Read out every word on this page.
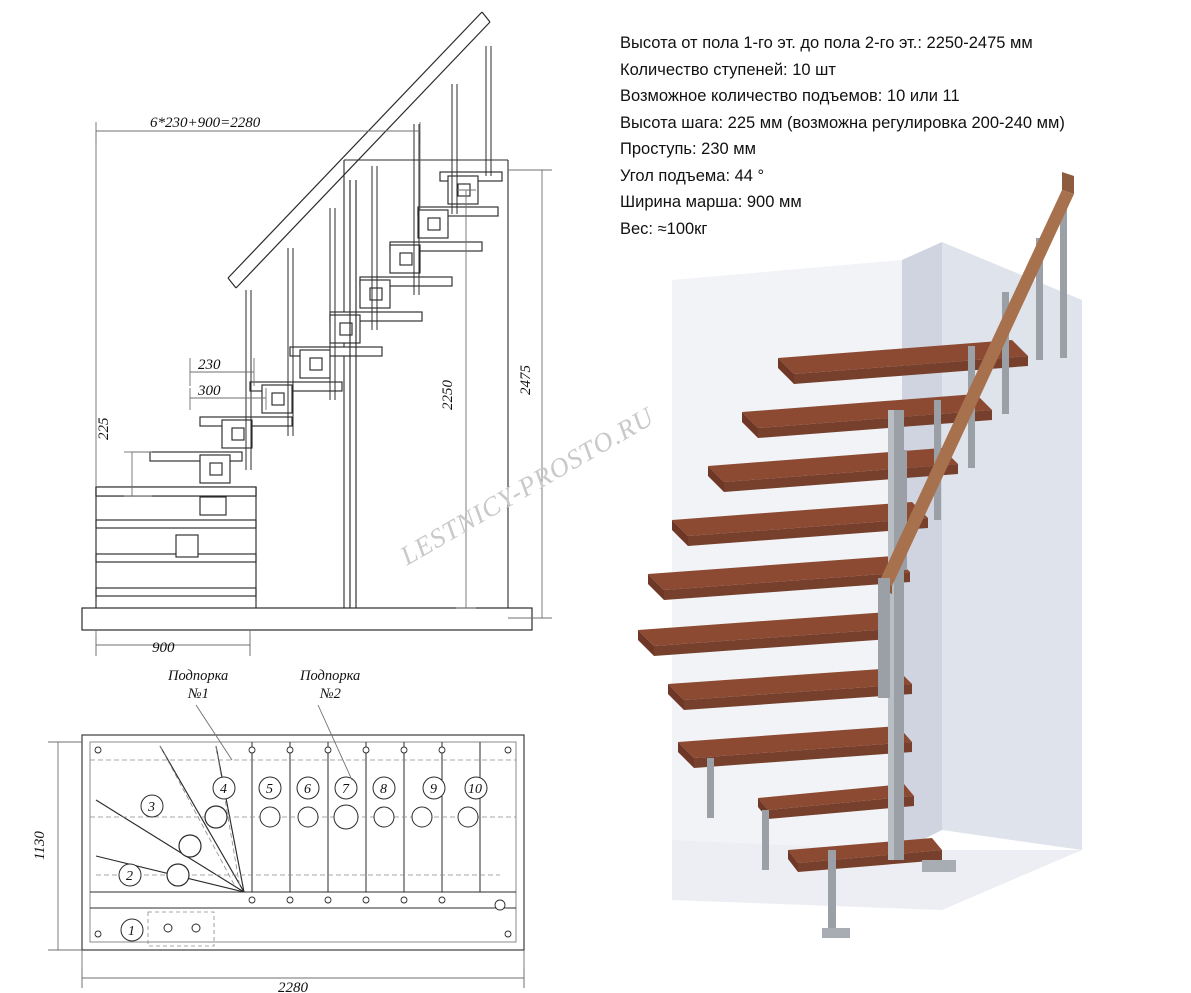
Высота от пола 1-го эт. до пола 2-го эт.: 2250-2475 мм
Количество ступеней: 10 шт
Возможное количество подъемов: 10 или 11
Высота шага: 225 мм (возможна регулировка 200-240 мм)
Проступь: 230 мм
Угол подъема: 44 °
Ширина марша: 900 мм
Вес: ≈100кг
6*230+900=2280
230
300
225
2250	2475
900
Подпорка
№1
Подпорка
№2
1130
2280
1
2
3
4	5 6 7 8	9 10
LESTNICY-PROSTO.RU
